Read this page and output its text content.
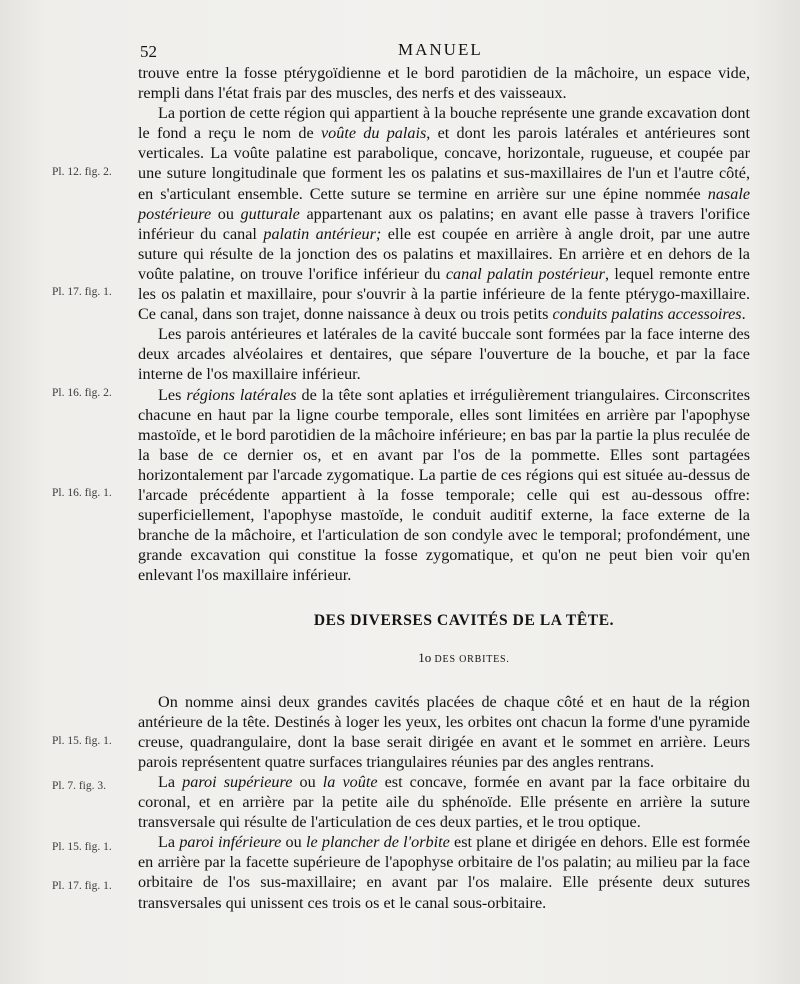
52	MANUEL
Pl. 12. fig. 2.
Pl. 17. fig. 1.
Pl. 16. fig. 2.
Pl. 16. fig. 1.
Pl. 15. fig. 1.
Pl. 7. fig. 3.
Pl. 15. fig. 1.
Pl. 17. fig. 1.

trouve entre la fosse ptérygoïdienne et le bord parotidien de la mâchoire, un espace vide, rempli dans l'état frais par des muscles, des nerfs et des vaisseaux.

La portion de cette région qui appartient à la bouche représente une grande excavation dont le fond a reçu le nom de voûte du palais, et dont les parois latérales et antérieures sont verticales. La voûte palatine est parabolique, concave, horizontale, rugueuse, et coupée par une suture longitudinale que forment les os palatins et sus-maxillaires de l'un et l'autre côté, en s'articulant ensemble. Cette suture se termine en arrière sur une épine nommée nasale postérieure ou gutturale appartenant aux os palatins; en avant elle passe à travers l'orifice inférieur du canal palatin antérieur; elle est coupée en arrière à angle droit, par une autre suture qui résulte de la jonction des os palatins et maxillaires. En arrière et en dehors de la voûte palatine, on trouve l'orifice inférieur du canal palatin postérieur, lequel remonte entre les os palatin et maxillaire, pour s'ouvrir à la partie inférieure de la fente ptérygo-maxillaire. Ce canal, dans son trajet, donne naissance à deux ou trois petits conduits palatins accessoires.

Les parois antérieures et latérales de la cavité buccale sont formées par la face interne des deux arcades alvéolaires et dentaires, que sépare l'ouverture de la bouche, et par la face interne de l'os maxillaire inférieur.

Les régions latérales de la tête sont aplaties et irrégulièrement triangulaires. Circonscrites chacune en haut par la ligne courbe temporale, elles sont limitées en arrière par l'apophyse mastoïde, et le bord parotidien de la mâchoire inférieure; en bas par la partie la plus reculée de la base de ce dernier os, et en avant par l'os de la pommette. Elles sont partagées horizontalement par l'arcade zygomatique. La partie de ces régions qui est située au-dessus de l'arcade précédente appartient à la fosse temporale; celle qui est au-dessous offre: superficiellement, l'apophyse mastoïde, le conduit auditif externe, la face externe de la branche de la mâchoire, et l'articulation de son condyle avec le temporal; profondément, une grande excavation qui constitue la fosse zygomatique, et qu'on ne peut bien voir qu'en enlevant l'os maxillaire inférieur.

DES DIVERSES CAVITÉS DE LA TÊTE.
1o DES ORBITES.

On nomme ainsi deux grandes cavités placées de chaque côté et en haut de la région antérieure de la tête. Destinés à loger les yeux, les orbites ont chacun la forme d'une pyramide creuse, quadrangulaire, dont la base serait dirigée en avant et le sommet en arrière. Leurs parois représentent quatre surfaces triangulaires réunies par des angles rentrans.

La paroi supérieure ou la voûte est concave, formée en avant par la face orbitaire du coronal, et en arrière par la petite aile du sphénoïde. Elle présente en arrière la suture transversale qui résulte de l'articulation de ces deux parties, et le trou optique.

La paroi inférieure ou le plancher de l'orbite est plane et dirigée en dehors. Elle est formée en arrière par la facette supérieure de l'apophyse orbitaire de l'os palatin; au milieu par la face orbitaire de l'os sus-maxillaire; en avant par l'os malaire. Elle présente deux sutures transversales qui unissent ces trois os et le canal sous-orbitaire.
